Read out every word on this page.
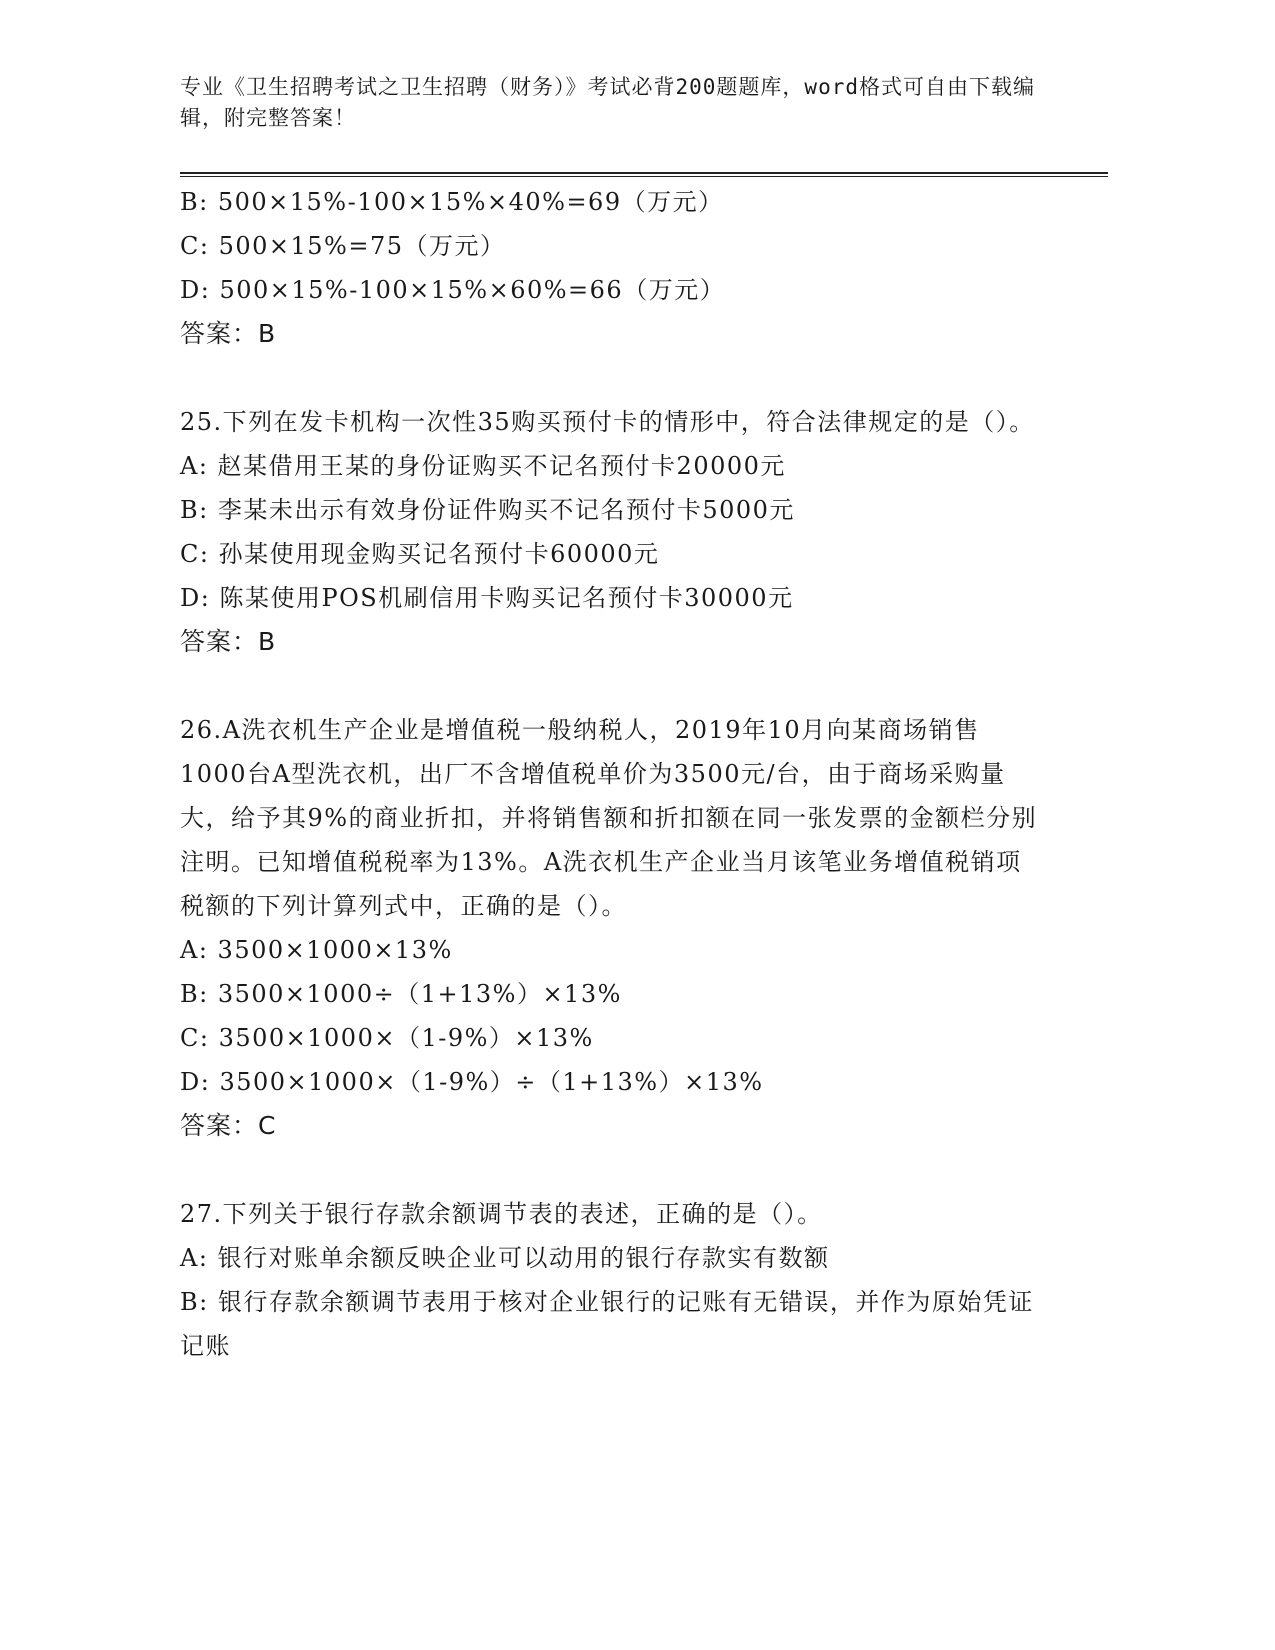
专业《卫生招聘考试之卫生招聘（财务）》考试必背200题题库，word格式可自由下载编辑，附完整答案！
B: 500×15%-100×15%×40%=69（万元）
C: 500×15%=75（万元）
D: 500×15%-100×15%×60%=66（万元）
答案：B
25.下列在发卡机构一次性35购买预付卡的情形中，符合法律规定的是（）。
A: 赵某借用王某的身份证购买不记名预付卡20000元
B: 李某未出示有效身份证件购买不记名预付卡5000元
C: 孙某使用现金购买记名预付卡60000元
D: 陈某使用POS机刷信用卡购买记名预付卡30000元
答案：B
26.A洗衣机生产企业是增值税一般纳税人，2019年10月向某商场销售1000台A型洗衣机，出厂不含增值税单价为3500元/台，由于商场采购量大，给予其9%的商业折扣，并将销售额和折扣额在同一张发票的金额栏分别注明。已知增值税税率为13%。A洗衣机生产企业当月该笔业务增值税销项税额的下列计算列式中，正确的是（）。
A: 3500×1000×13%
B: 3500×1000÷（1+13%）×13%
C: 3500×1000×（1-9%）×13%
D: 3500×1000×（1-9%）÷（1+13%）×13%
答案：C
27.下列关于银行存款余额调节表的表述，正确的是（）。
A: 银行对账单余额反映企业可以动用的银行存款实有数额
B: 银行存款余额调节表用于核对企业银行的记账有无错误，并作为原始凭证记账
